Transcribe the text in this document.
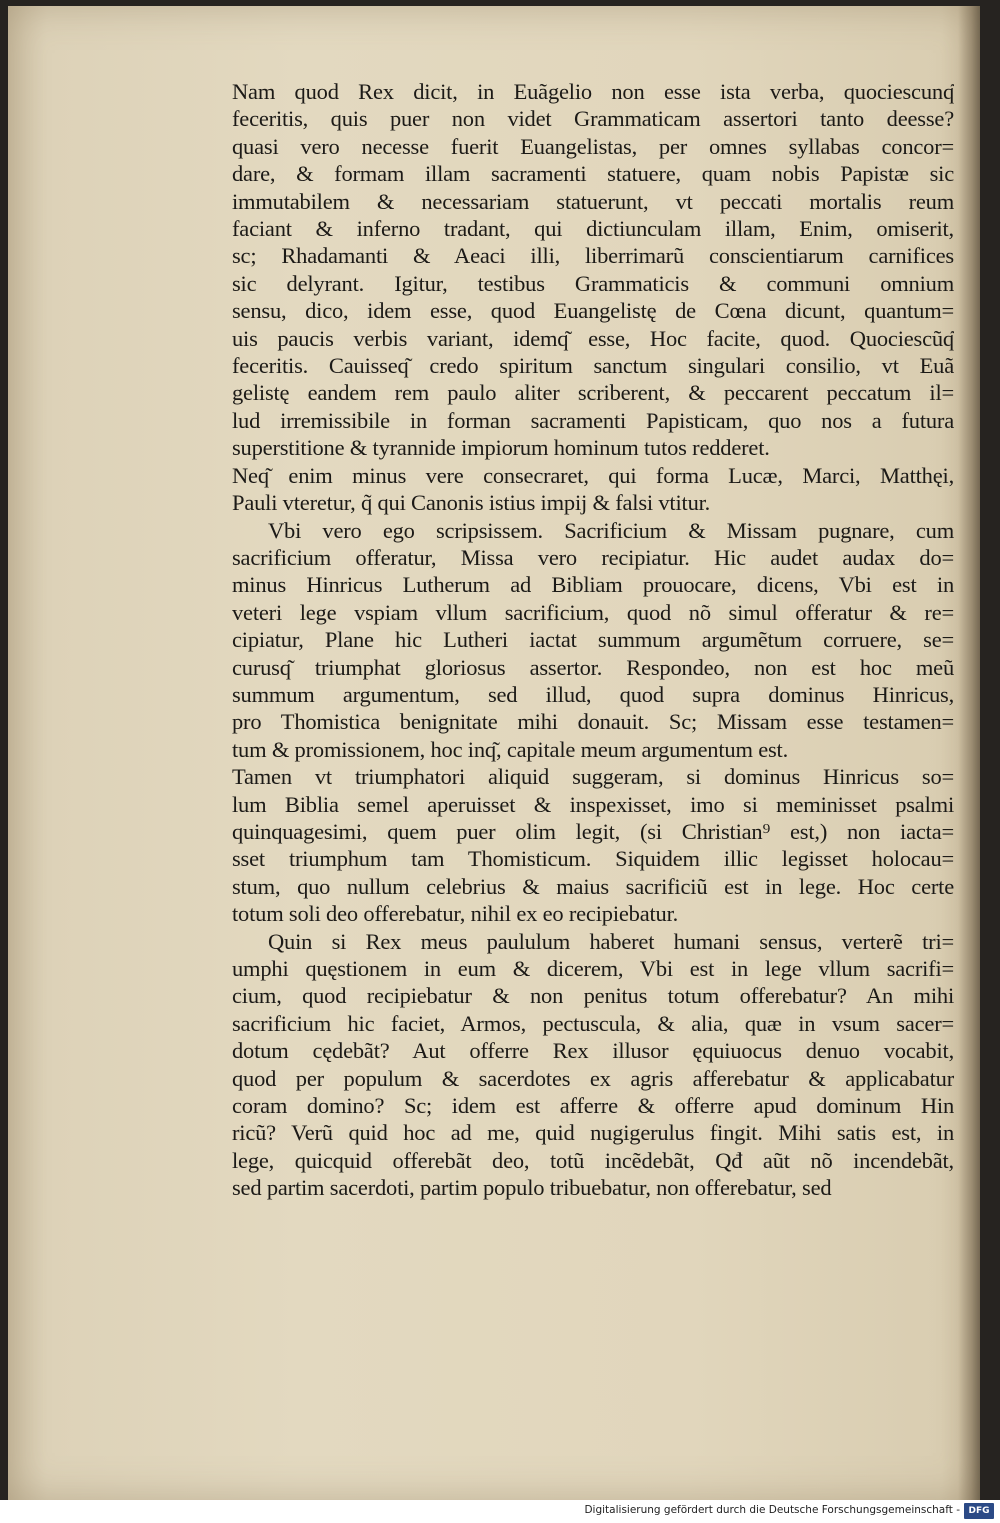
Nam quod Rex dicit, in Euãgelio non esse ista verba, quociescunq͂
feceritis, quis puer non videt Grammaticam assertori tanto deesse?
quasi vero necesse fuerit Euangelistas, per omnes syllabas concor=
dare, & formam illam sacramenti statuere, quam nobis Papistæ sic
immutabilem & necessariam statuerunt, vt peccati mortalis reum
faciant & inferno tradant, qui dictiunculam illam, Enim, omiserit,
sc; Rhadamanti & Aeaci illi, liberrimarũ conscientiarum carnifices
sic delyrant. Igitur, testibus Grammaticis & communi omnium
sensu, dico, idem esse, quod Euangelistę de Cœna dicunt, quantum=
uis paucis verbis variant, idemq͂ esse, Hoc facite, quod. Quociescũq͂
feceritis. Cauisseq͂ credo spiritum sanctum singulari consilio, vt Euã
gelistę eandem rem paulo aliter scriberent, & peccarent peccatum il=
lud irremissibile in forman sacramenti Papisticam, quo nos a futura
superstitione & tyrannide impiorum hominum tutos redderet.
Neq͂ enim minus vere consecraret, qui forma Lucæ, Marci, Matthęi,
Pauli vteretur, q̃ qui Canonis istius impij & falsi vtitur.
Vbi vero ego scripsissem. Sacrificium & Missam pugnare, cum
sacrificium offeratur, Missa vero recipiatur. Hic audet audax do=
minus Hinricus Lutherum ad Bibliam prouocare, dicens, Vbi est in
veteri lege vspiam vllum sacrificium, quod nõ simul offeratur & re=
cipiatur, Plane hic Lutheri iactat summum argumẽtum corruere, se=
curusq͂ triumphat gloriosus assertor. Respondeo, non est hoc meũ
summum argumentum, sed illud, quod supra dominus Hinricus,
pro Thomistica benignitate mihi donauit. Sc; Missam esse testamen=
tum & promissionem, hoc inq͂, capitale meum argumentum est.
Tamen vt triumphatori aliquid suggeram, si dominus Hinricus so=
lum Biblia semel aperuisset & inspexisset, imo si meminisset psalmi
quinquagesimi, quem puer olim legit, (si Christian⁹ est,) non iacta=
sset triumphum tam Thomisticum. Siquidem illic legisset holocau=
stum, quo nullum celebrius & maius sacrificiũ est in lege. Hoc certe
totum soli deo offerebatur, nihil ex eo recipiebatur.
Quin si Rex meus paululum haberet humani sensus, verterẽ tri=
umphi quęstionem in eum & dicerem, Vbi est in lege vllum sacrifi=
cium, quod recipiebatur & non penitus totum offerebatur? An mihi
sacrificium hic faciet, Armos, pectuscula, & alia, quæ in vsum sacer=
dotum cędebãt? Aut offerre Rex illusor ęquiuocus denuo vocabit,
quod per populum & sacerdotes ex agris afferebatur & applicabatur
coram domino? Sc; idem est afferre & offerre apud dominum Hin
ricũ? Verũ quid hoc ad me, quid nugigerulus fingit. Mihi satis est, in
lege, quicquid offerebãt deo, totũ incẽdebãt, Qđ aũt nõ incendebãt,
sed partim sacerdoti, partim populo tribuebatur, non offerebatur, sed
Digitalisierung gefördert durch die Deutsche Forschungsgemeinschaft - DFG
